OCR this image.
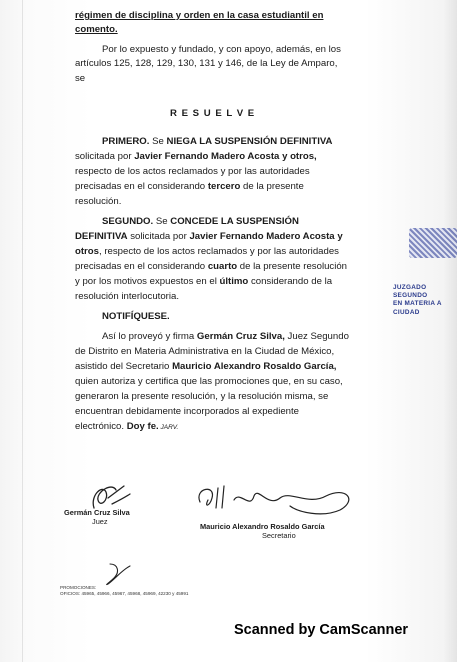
régimen de disciplina y orden en la casa estudiantil en

comento.

Por lo expuesto y fundado, y con apoyo, además, en los

artículos 125, 128, 129, 130, 131 y 146, de la Ley de Amparo,

se

R E S U E L V E

PRIMERO. Se NIEGA LA SUSPENSIÓN DEFINITIVA

solicitada por Javier Fernando Madero Acosta y otros,

respecto de los actos reclamados y por las autoridades

precisadas en el considerando tercero de la presente

resolución.

SEGUNDO. Se CONCEDE LA SUSPENSIÓN

DEFINITIVA solicitada por Javier Fernando Madero Acosta y

otros, respecto de los actos reclamados y por las autoridades

precisadas en el considerando cuarto de la presente resolución

y por los motivos expuestos en el último considerando de la

resolución interlocutoria.

NOTIFÍQUESE.

Así lo proveyó y firma Germán Cruz Silva, Juez Segundo

de Distrito en Materia Administrativa en la Ciudad de México,

asistido del Secretario Mauricio Alexandro Rosaldo García,

quien autoriza y certifica que las promociones que, en su caso,

generaron la presente resolución, y la resolución misma, se

encuentran debidamente incorporados al expediente

electrónico. Doy fe. JARV.

Germán Cruz Silva

Juez

Mauricio Alexandro Rosaldo García

Secretario

PROMOCIONES:

OFICIOS: 45965, 45966, 45967, 45968, 45969, 42230 y 45991

JUZGADO SEGUNDO
EN MATERIA A
CIUDAD
Scanned by CamScanner
